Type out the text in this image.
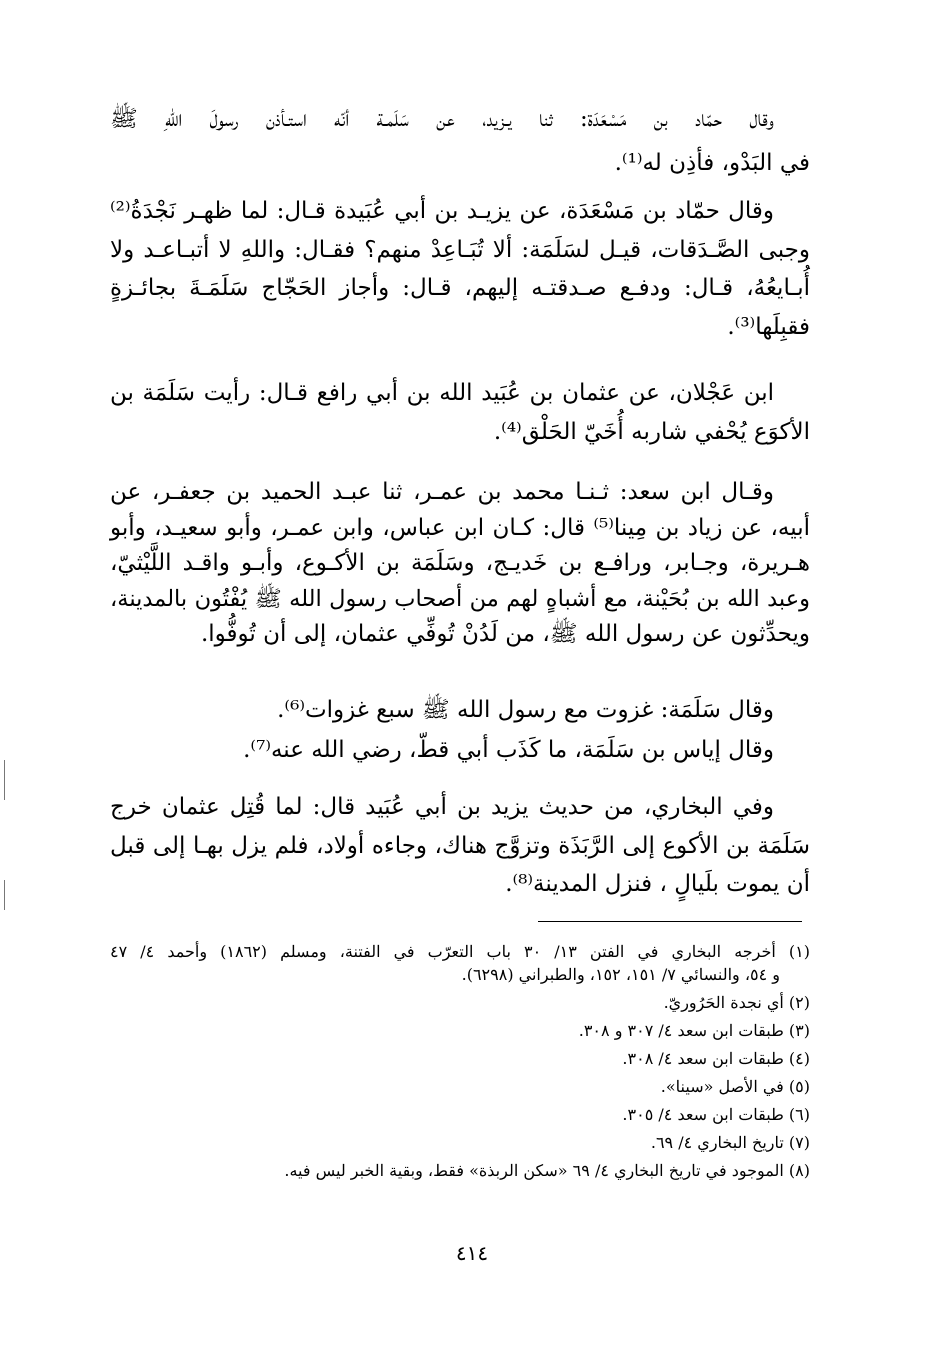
وقال حمّاد بن مَسْعَدَة: ثنا يـزيد، عن سَلَمـة أنّه استـأذن رسولَ اللهِ ﷺ
في البَدْو، فأذِن له⁽¹⁾.
وقال حمّاد بن مَسْعَدَة، عن يزيـد بن أبي عُبَيدة قـال: لما ظهـر نَجْدَةُ⁽²⁾
وجبى الصَّـدَقات، قيـل لسَلَمَة: ألا تُبَـاعِدْ منهم؟ فقـال: واللهِ لا أتبـاعـد ولا
أُبـايعُهُ، قـال: ودفـع صـدقتـه إليهم، قـال: وأجاز الحَجّاج سَلَمَـةَ بجائـزةٍ
فقبِلَها⁽³⁾.
ابن عَجْلان، عن عثمان بن عُبَيد الله بن أبي رافع قـال: رأيت سَلَمَة بن
الأكوَع يُحْفي شاربه أُخَيّ الحَلْق⁽⁴⁾.
وقـال ابن سعد: ثـنـا محمد بن عمـر، ثنا عبـد الحميد بن جعفـر، عن
أبيه، عن زياد بن مِينا⁽⁵⁾ قال: كـان ابن عباس، وابن عمـر، وأبو سعيـد، وأبو
هـريرة، وجـابر، ورافـع بن خَديـج، وسَلَمَة بن الأكـوع، وأبـو واقـد اللَّيْثيّ،
وعبد الله بن بُحَيْنة، مع أشباهٍ لهم من أصحاب رسول الله ﷺ يُفْتُون بالمدينة،
ويحدِّثون عن رسول الله ﷺ، من لَدُنْ تُوفِّي عثمان، إلى أن تُوفُّوا.
وقال سَلَمَة: غزوت مع رسول الله ﷺ سبع غزوات⁽⁶⁾.
وقال إياس بن سَلَمَة، ما كَذَب أبي قطّ، رضي الله عنه⁽⁷⁾.
وفي البخاري، من حديث يزيد بن أبي عُبَيد قال: لما قُتِل عثمان خرج
سَلَمَة بن الأكوع إلى الرَّبَذَة وتزوَّج هناك، وجاءه أولاد، فلم يزل بهـا إلى قبل
أن يموت بلَيالٍ ، فنزل المدينة⁽⁸⁾.
(١) أخرجه البخاري في الفتن ١٣/ ٣٠ باب التعرّب في الفتنة، ومسلم (١٨٦٢) وأحمد ٤/ ٤٧
و ٥٤، والنسائي ٧/ ١٥١، ١٥٢، والطبراني (٦٢٩٨).
(٢) أي نجدة الحَرُوريّ.
(٣) طبقات ابن سعد ٤/ ٣٠٧ و ٣٠٨.
(٤) طبقات ابن سعد ٤/ ٣٠٨.
(٥) في الأصل «سينا».
(٦) طبقات ابن سعد ٤/ ٣٠٥.
(٧) تاريخ البخاري ٤/ ٦٩.
(٨) الموجود في تاريخ البخاري ٤/ ٦٩ «سكن الربذة» فقط، وبقية الخبر ليس فيه.
٤١٤
